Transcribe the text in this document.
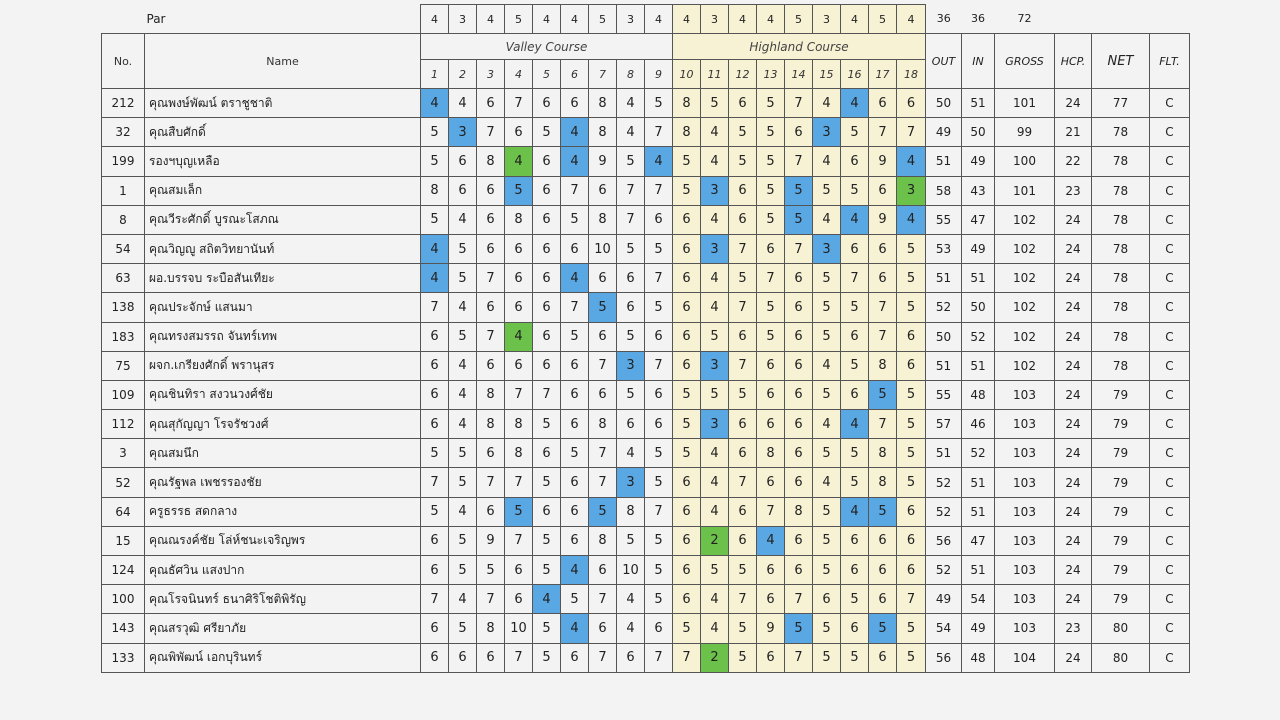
Par		4	3	4	5	4	4	5	3	4	4	3	4	4	5	3	4	5	4	36	36	72			
No.	Name	Valley Course									Highland Course									OUT	IN	GROSS	HCP.	NET	FLT.
		1	2	3	4	5	6	7	8	9	10	11	12	13	14	15	16	17	18						
212	คุณพงษ์พัฒน์ ตราชูชาติ	4	4	6	7	6	6	8	4	5	8	5	6	5	7	4	4	6	6	50	51	101	24	77	C
32	คุณสืบศักดิ์	5	3	7	6	5	4	8	4	7	8	4	5	5	6	3	5	7	7	49	50	99	21	78	C
199	รองฯบุญเหลือ	5	6	8	4	6	4	9	5	4	5	4	5	5	7	4	6	9	4	51	49	100	22	78	C
1	คุณสมเล็ก	8	6	6	5	6	7	6	7	7	5	3	6	5	5	5	5	6	3	58	43	101	23	78	C
8	คุณวีระศักดิ์ บูรณะโสภณ	5	4	6	8	6	5	8	7	6	6	4	6	5	5	4	4	9	4	55	47	102	24	78	C
54	คุณวิญญู สถิตวิทยานันท์	4	5	6	6	6	6	10	5	5	6	3	7	6	7	3	6	6	5	53	49	102	24	78	C
63	ผอ.บรรจบ ระบือสันเทียะ	4	5	7	6	6	4	6	6	7	6	4	5	7	6	5	7	6	5	51	51	102	24	78	C
138	คุณประจักษ์ แสนมา	7	4	6	6	6	7	5	6	5	6	4	7	5	6	5	5	7	5	52	50	102	24	78	C
183	คุณทรงสมรรถ จันทร์เทพ	6	5	7	4	6	5	6	5	6	6	5	6	5	6	5	6	7	6	50	52	102	24	78	C
75	ผจก.เกรียงศักดิ์ พรานุสร	6	4	6	6	6	6	7	3	7	6	3	7	6	6	4	5	8	6	51	51	102	24	78	C
109	คุณชินทิรา สงวนวงศ์ชัย	6	4	8	7	7	6	6	5	6	5	5	5	6	6	5	6	5	5	55	48	103	24	79	C
112	คุณสุกัญญา โรจรัชวงศ์	6	4	8	8	5	6	8	6	6	5	3	6	6	6	4	4	7	5	57	46	103	24	79	C
3	คุณสมนึก	5	5	6	8	6	5	7	4	5	5	4	6	8	6	5	5	8	5	51	52	103	24	79	C
52	คุณรัฐพล เพชรรองชัย	7	5	7	7	5	6	7	3	5	6	4	7	6	6	4	5	8	5	52	51	103	24	79	C
64	ครูธรรธ สดกลาง	5	4	6	5	6	6	5	8	7	6	4	6	7	8	5	4	5	6	52	51	103	24	79	C
15	คุณณรงค์ชัย โล่ห์ชนะเจริญพร	6	5	9	7	5	6	8	5	5	6	2	6	4	6	5	6	6	6	56	47	103	24	79	C
124	คุณธัศวิน แสงปาก	6	5	5	6	5	4	6	10	5	6	5	5	6	6	5	6	6	6	52	51	103	24	79	C
100	คุณโรจนินทร์ ธนาศิริโชติพิรัญ	7	4	7	6	4	5	7	4	5	6	4	7	6	7	6	5	6	7	49	54	103	24	79	C
143	คุณสรวุฒิ ศรียาภัย	6	5	8	10	5	4	6	4	6	5	4	5	9	5	5	6	5	5	54	49	103	23	80	C
133	คุณพิพัฒน์ เอกบุรินทร์	6	6	6	7	5	6	7	6	7	7	2	5	6	7	5	5	6	5	56	48	104	24	80	C
